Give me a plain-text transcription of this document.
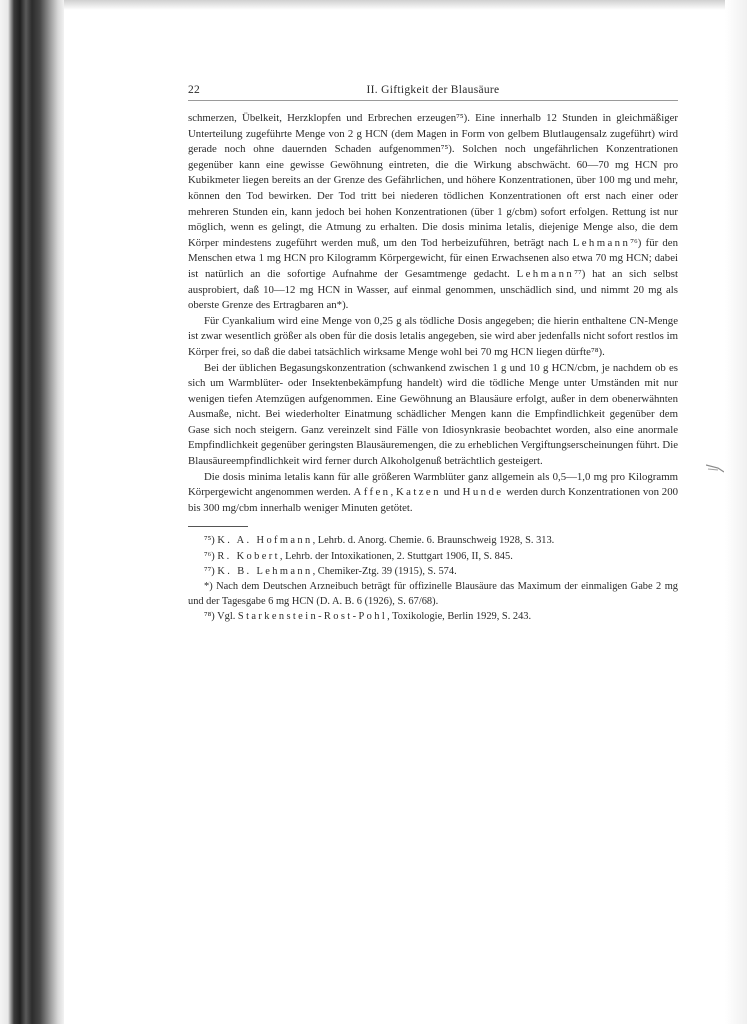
22	II. Giftigkeit der Blausäure

schmerzen, Übelkeit, Herzklopfen und Erbrechen erzeugen⁷⁵). Eine innerhalb 12 Stunden in gleichmäßiger Unterteilung zugeführte Menge von 2 g HCN (dem Magen in Form von gelbem Blutlaugensalz zugeführt) wird gerade noch ohne dauernden Schaden aufgenommen⁷⁵). Solchen noch ungefährlichen Konzentrationen gegenüber kann eine gewisse Gewöhnung eintreten, die die Wirkung abschwächt. 60—70 mg HCN pro Kubikmeter liegen bereits an der Grenze des Gefährlichen, und höhere Konzentrationen, über 100 mg und mehr, können den Tod bewirken. Der Tod tritt bei niederen tödlichen Konzentrationen oft erst nach einer oder mehreren Stunden ein, kann jedoch bei hohen Konzentrationen (über 1 g/cbm) sofort erfolgen. Rettung ist nur möglich, wenn es gelingt, die Atmung zu erhalten. Die dosis minima letalis, diejenige Menge also, die dem Körper mindestens zugeführt werden muß, um den Tod herbeizuführen, beträgt nach Lehmann⁷⁶) für den Menschen etwa 1 mg HCN pro Kilogramm Körpergewicht, für einen Erwachsenen also etwa 70 mg HCN; dabei ist natürlich an die sofortige Aufnahme der Gesamtmenge gedacht. Lehmann⁷⁷) hat an sich selbst ausprobiert, daß 10—12 mg HCN in Wasser, auf einmal genommen, unschädlich sind, und nimmt 20 mg als oberste Grenze des Ertragbaren an*).

Für Cyankalium wird eine Menge von 0,25 g als tödliche Dosis angegeben; die hierin enthaltene CN-Menge ist zwar wesentlich größer als oben für die dosis letalis angegeben, sie wird aber jedenfalls nicht sofort restlos im Körper frei, so daß die dabei tatsächlich wirksame Menge wohl bei 70 mg HCN liegen dürfte⁷⁸).

Bei der üblichen Begasungskonzentration (schwankend zwischen 1 g und 10 g HCN/cbm, je nachdem ob es sich um Warmblüter- oder Insektenbekämpfung handelt) wird die tödliche Menge unter Umständen mit nur wenigen tiefen Atemzügen aufgenommen. Eine Gewöhnung an Blausäure erfolgt, außer in dem obenerwähnten Ausmaße, nicht. Bei wiederholter Einatmung schädlicher Mengen kann die Empfindlichkeit gegenüber dem Gase sich noch steigern. Ganz vereinzelt sind Fälle von Idiosynkrasie beobachtet worden, also eine anormale Empfindlichkeit gegenüber geringsten Blausäuremengen, die zu erheblichen Vergiftungserscheinungen führt. Die Blausäureempfindlichkeit wird ferner durch Alkoholgenuß beträchtlich gesteigert.

Die dosis minima letalis kann für alle größeren Warmblüter ganz allgemein als 0,5—1,0 mg pro Kilogramm Körpergewicht angenommen werden. Affen, Katzen und Hunde werden durch Konzentrationen von 200 bis 300 mg/cbm innerhalb weniger Minuten getötet.

⁷⁵) K. A. Hofmann, Lehrb. d. Anorg. Chemie. 6. Braunschweig 1928, S. 313.

⁷⁶) R. Kobert, Lehrb. der Intoxikationen, 2. Stuttgart 1906, II, S. 845.

⁷⁷) K. B. Lehmann, Chemiker-Ztg. 39 (1915), S. 574.

*) Nach dem Deutschen Arzneibuch beträgt für offizinelle Blausäure das Maximum der einmaligen Gabe 2 mg und der Tagesgabe 6 mg HCN (D. A. B. 6 (1926), S. 67/68).

⁷⁸) Vgl. Starkenstein-Rost-Pohl, Toxikologie, Berlin 1929, S. 243.
